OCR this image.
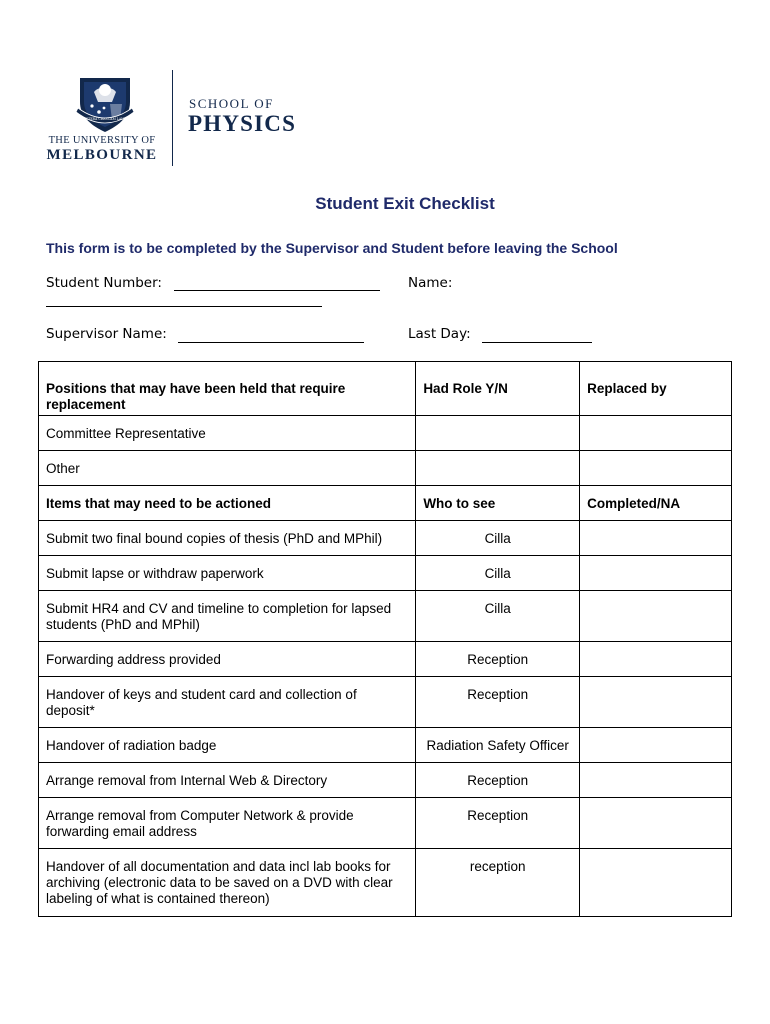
POSTERA CRESCAM LAUDE
THE UNIVERSITY OF
MELBOURNE
SCHOOL OF
PHYSICS
Student Exit Checklist
This form is to be completed by the Supervisor and Student before leaving the School
Student Number:	Name:
Supervisor Name:	Last Day:
Positions that may have been held that require replacement	Had Role Y/N	Replaced by
Committee Representative		
Other		
Items that may need to be actioned	Who to see	Completed/NA
Submit two final bound copies of thesis (PhD and MPhil)	Cilla	
Submit lapse or withdraw paperwork	Cilla	
Submit HR4 and CV and timeline to completion for lapsed students (PhD and MPhil)	Cilla	
Forwarding address provided	Reception	
Handover of keys and student card and collection of deposit*	Reception	
Handover of radiation badge	Radiation Safety Officer	
Arrange removal from Internal Web & Directory	Reception	
Arrange removal from Computer Network & provide forwarding email address	Reception	
Handover of all documentation and data incl lab books for archiving (electronic data to be saved on a DVD with clear labeling of what is contained thereon)	reception	
